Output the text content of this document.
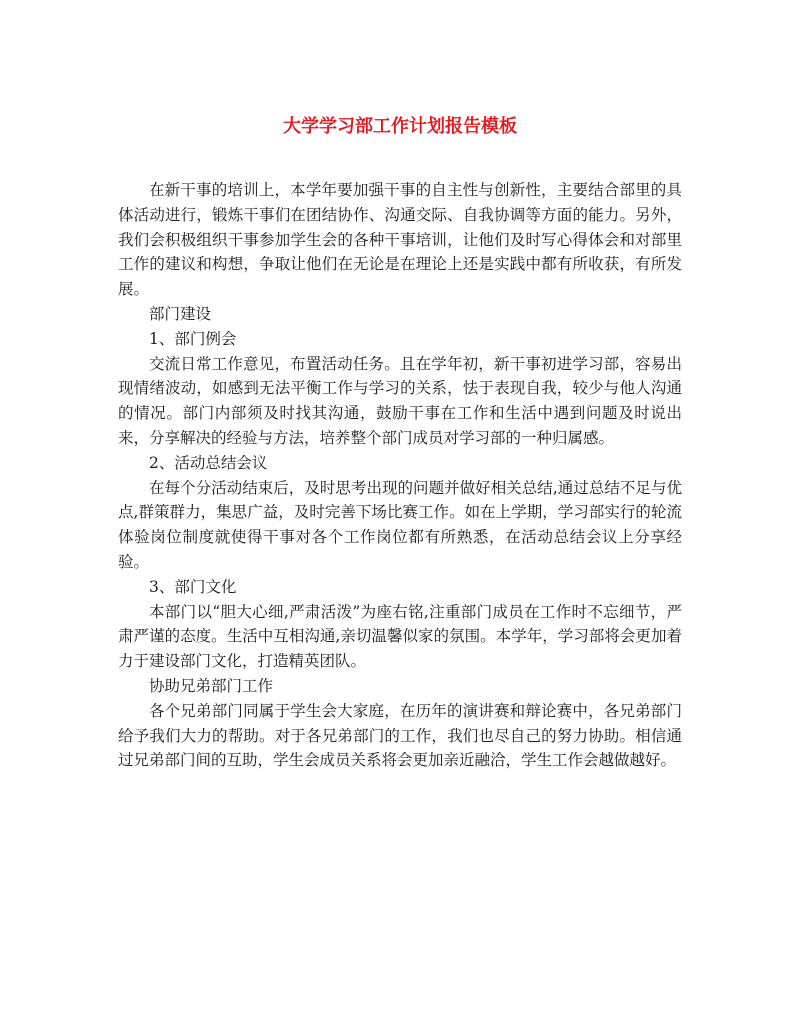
大学学习部工作计划报告模板

在新干事的培训上，本学年要加强干事的自主性与创新性，主要结合部里的具体活动进行，锻炼干事们在团结协作、沟通交际、自我协调等方面的能力。另外，我们会积极组织干事参加学生会的各种干事培训，让他们及时写心得体会和对部里工作的建议和构想，争取让他们在无论是在理论上还是实践中都有所收获，有所发展。

部门建设

1、部门例会

交流日常工作意见，布置活动任务。且在学年初，新干事初进学习部，容易出现情绪波动，如感到无法平衡工作与学习的关系，怯于表现自我，较少与他人沟通的情况。部门内部须及时找其沟通，鼓励干事在工作和生活中遇到问题及时说出来，分享解决的经验与方法，培养整个部门成员对学习部的一种归属感。

2、活动总结会议

在每个分活动结束后，及时思考出现的问题并做好相关总结,通过总结不足与优点,群策群力，集思广益，及时完善下场比赛工作。如在上学期，学习部实行的轮流体验岗位制度就使得干事对各个工作岗位都有所熟悉，在活动总结会议上分享经验。

3、部门文化

本部门以“胆大心细,严肃活泼”为座右铭,注重部门成员在工作时不忘细节，严肃严谨的态度。生活中互相沟通,亲切温馨似家的氛围。本学年，学习部将会更加着力于建设部门文化，打造精英团队。

协助兄弟部门工作

各个兄弟部门同属于学生会大家庭，在历年的演讲赛和辩论赛中，各兄弟部门给予我们大力的帮助。对于各兄弟部门的工作，我们也尽自己的努力协助。相信通过兄弟部门间的互助，学生会成员关系将会更加亲近融洽，学生工作会越做越好。
